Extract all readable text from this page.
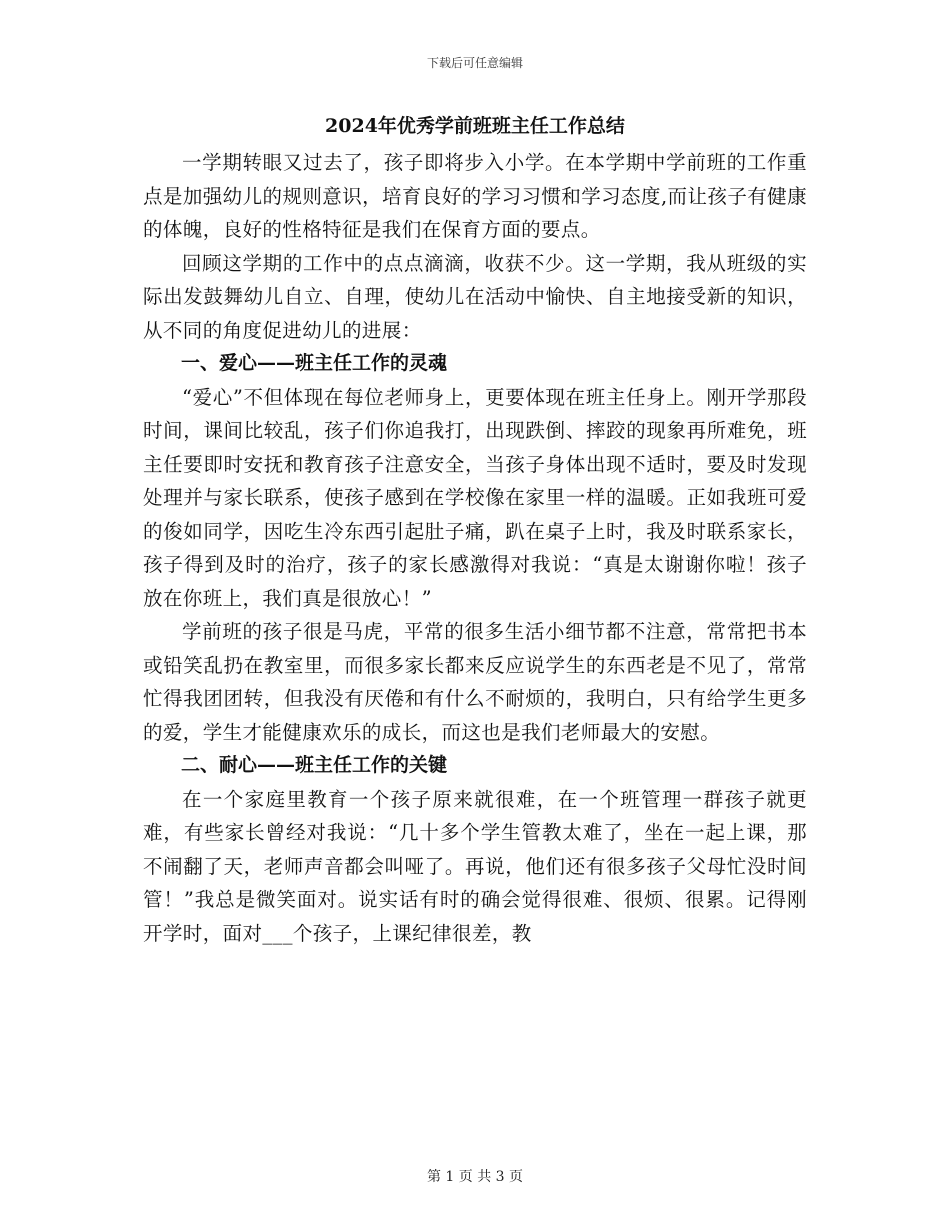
下载后可任意编辑
2024年优秀学前班班主任工作总结

一学期转眼又过去了，孩子即将步入小学。在本学期中学前班的工作重点是加强幼儿的规则意识，培育良好的学习习惯和学习态度,而让孩子有健康的体魄，良好的性格特征是我们在保育方面的要点。

回顾这学期的工作中的点点滴滴，收获不少。这一学期，我从班级的实际出发鼓舞幼儿自立、自理，使幼儿在活动中愉快、自主地接受新的知识，从不同的角度促进幼儿的进展：

一、爱心——班主任工作的灵魂

“爱心”不但体现在每位老师身上，更要体现在班主任身上。刚开学那段时间，课间比较乱，孩子们你追我打，出现跌倒、摔跤的现象再所难免，班主任要即时安抚和教育孩子注意安全，当孩子身体出现不适时，要及时发现处理并与家长联系，使孩子感到在学校像在家里一样的温暖。正如我班可爱的俊如同学，因吃生冷东西引起肚子痛，趴在桌子上时，我及时联系家长，孩子得到及时的治疗，孩子的家长感激得对我说：“真是太谢谢你啦！孩子放在你班上，我们真是很放心！”

学前班的孩子很是马虎，平常的很多生活小细节都不注意，常常把书本或铅笑乱扔在教室里，而很多家长都来反应说学生的东西老是不见了，常常忙得我团团转，但我没有厌倦和有什么不耐烦的，我明白，只有给学生更多的爱，学生才能健康欢乐的成长，而这也是我们老师最大的安慰。

二、耐心——班主任工作的关键

在一个家庭里教育一个孩子原来就很难，在一个班管理一群孩子就更难，有些家长曾经对我说：“几十多个学生管教太难了，坐在一起上课，那不闹翻了天，老师声音都会叫哑了。再说，他们还有很多孩子父母忙没时间管！”我总是微笑面对。说实话有时的确会觉得很难、很烦、很累。记得刚开学时，面对___个孩子，上课纪律很差，教

第 1 页 共 3 页
